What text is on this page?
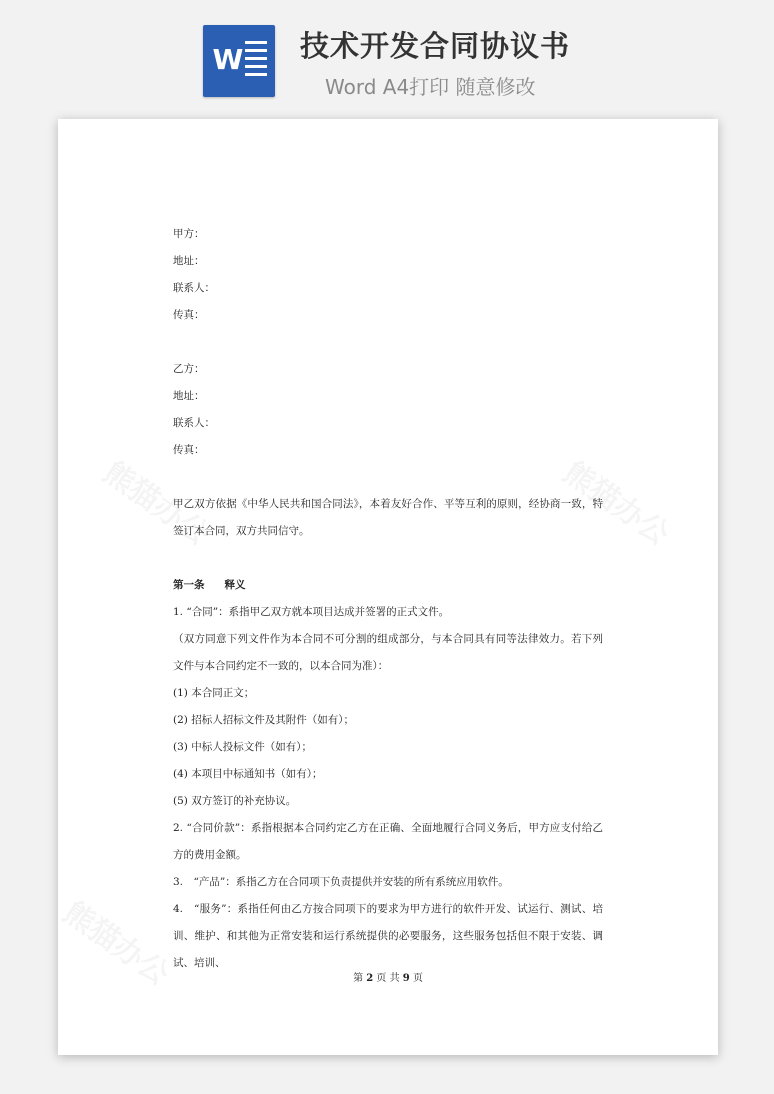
W 技术开发合同协议书
Word A4打印 随意修改

甲方：

地址：

联系人：

传真：

乙方：

地址：

联系人：

传真：

甲乙双方依据《中华人民共和国合同法》，本着友好合作、平等互利的原则，经协商一致，特签订本合同，双方共同信守。

第一条 释义

1. “合同”：系指甲乙双方就本项目达成并签署的正式文件。

（双方同意下列文件作为本合同不可分割的组成部分，与本合同具有同等法律效力。若下列文件与本合同约定不一致的，以本合同为准）：

(1) 本合同正文；

(2) 招标人招标文件及其附件（如有）；

(3) 中标人投标文件（如有）；

(4) 本项目中标通知书（如有）；

(5) 双方签订的补充协议。

2. “合同价款”：系指根据本合同约定乙方在正确、全面地履行合同义务后，甲方应支付给乙方的费用金额。

3.　“产品”：系指乙方在合同项下负责提供并安装的所有系统应用软件。

4.　“服务”：系指任何由乙方按合同项下的要求为甲方进行的软件开发、试运行、测试、培训、维护、和其他为正常安装和运行系统提供的必要服务，这些服务包括但不限于安装、调试、培训、

第 2 页 共 9 页
